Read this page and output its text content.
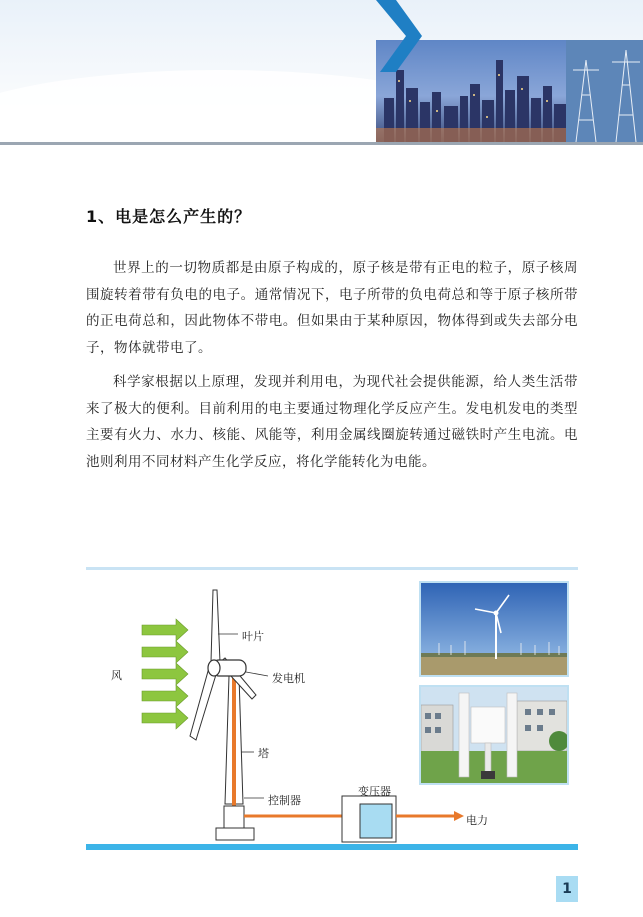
1、电是怎么产生的？

世界上的一切物质都是由原子构成的，原子核是带有正电的粒子，原子核周围旋转着带有负电的电子。通常情况下，电子所带的负电荷总和等于原子核所带的正电荷总和，因此物体不带电。但如果由于某种原因，物体得到或失去部分电子，物体就带电了。

科学家根据以上原理，发现并利用电，为现代社会提供能源，给人类生活带来了极大的便利。目前利用的电主要通过物理化学反应产生。发电机发电的类型主要有火力、水力、核能、风能等，利用金属线圈旋转通过磁铁时产生电流。电池则利用不同材料产生化学反应，将化学能转化为电能。

风
叶片
发电机
塔
控制器
变压器
电力
1
